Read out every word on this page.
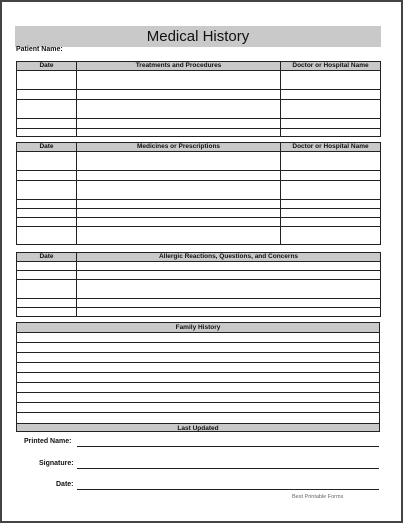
Medical History
Patient Name:
Date	Treatments and Procedures	Doctor or Hospital Name

Date	Medicines or Prescriptions	Doctor or Hospital Name

Date	Allergic Reactions, Questions, and Concerns

Family History
Last Updated
Printed Name:
Signature:
Date:
Best Printable Forms
